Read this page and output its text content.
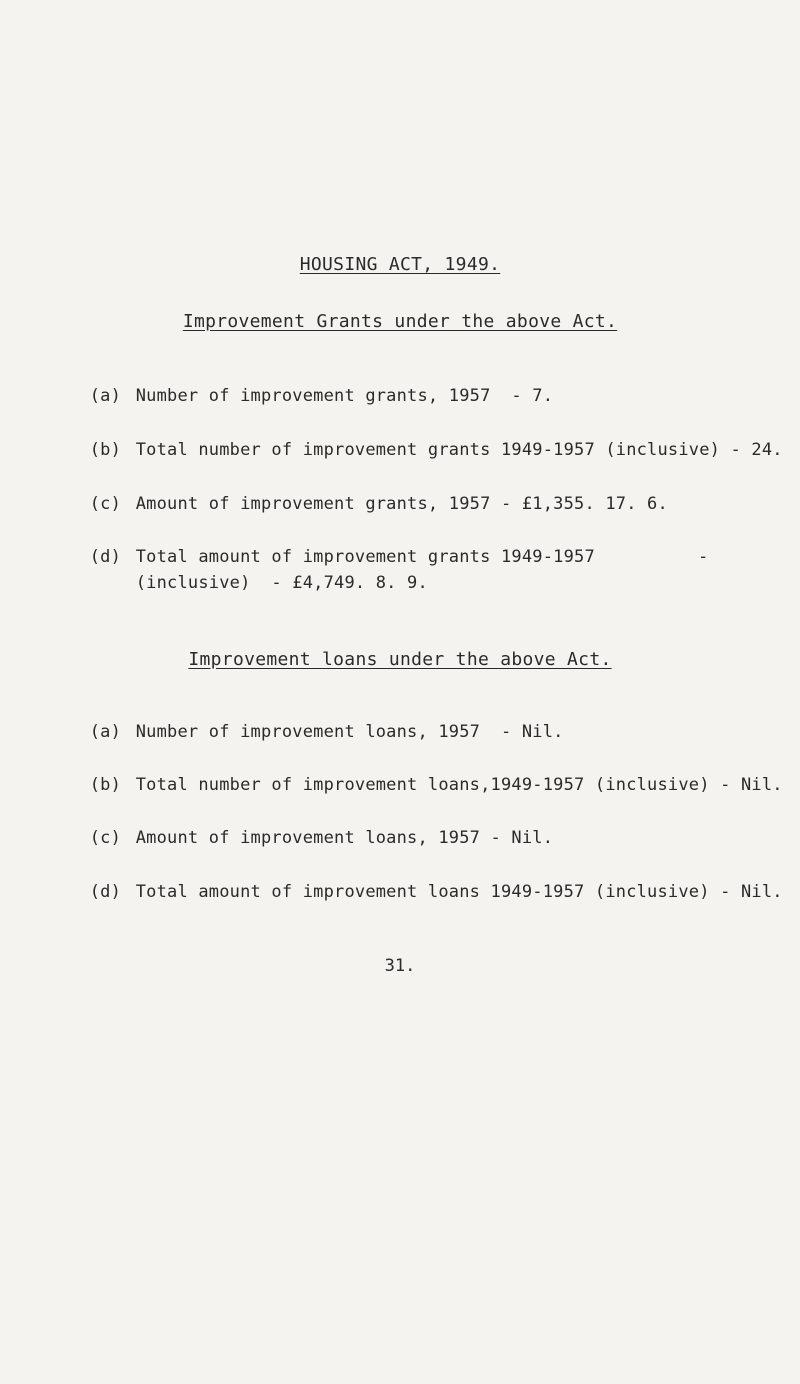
HOUSING ACT, 1949.
Improvement Grants under the above Act.

(a) Number of improvement grants, 1957  - 7.

(b) Total number of improvement grants 1949-1957 (inclusive) - 24.

(c) Amount of improvement grants, 1957 - £1,355. 17. 6.

(d) Total amount of improvement grants 1949-1957	-

(inclusive)  - £4,749. 8. 9.

Improvement loans under the above Act.

(a) Number of improvement loans, 1957  - Nil.

(b) Total number of improvement loans,1949-1957 (inclusive) - Nil.

(c) Amount of improvement loans, 1957 - Nil.

(d) Total amount of improvement loans 1949-1957 (inclusive) - Nil.

31.
